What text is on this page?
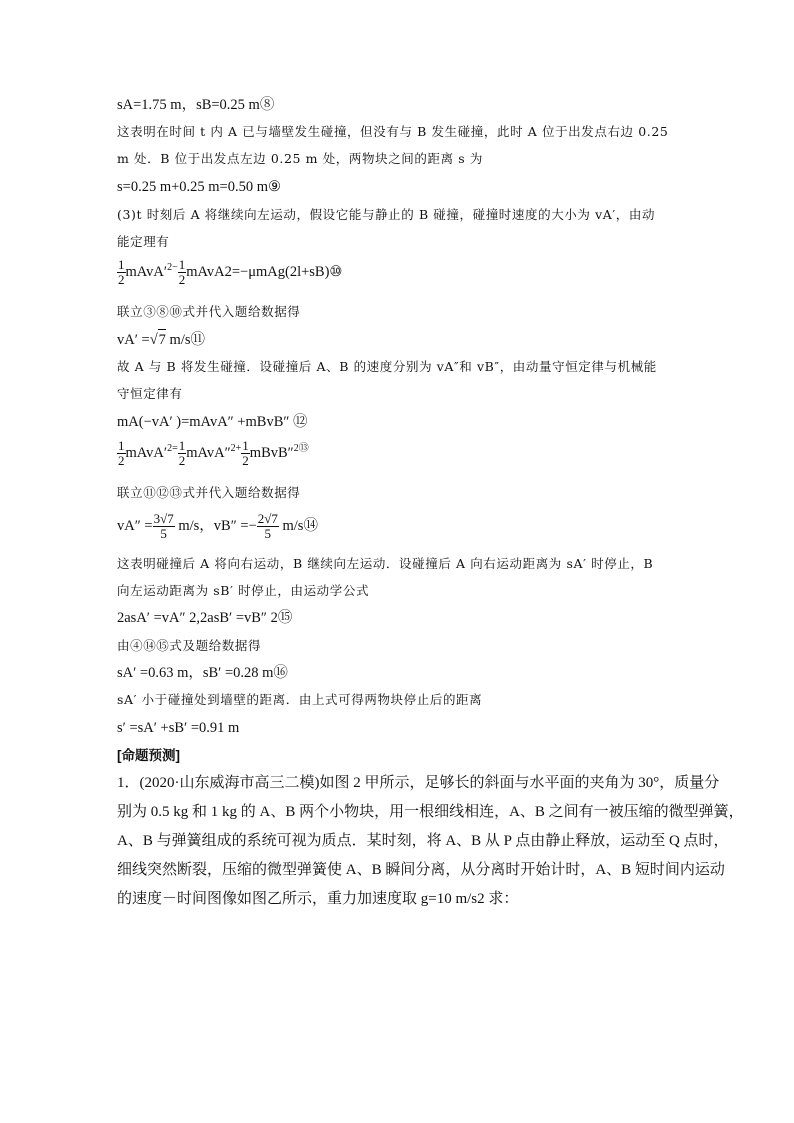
sA=1.75 m，sB=0.25 m⑧
这表明在时间 t 内 A 已与墙壁发生碰撞，但没有与 B 发生碰撞，此时 A 位于出发点右边 0.25
m 处．B 位于出发点左边 0.25 m 处，两物块之间的距离 s 为
s=0.25 m+0.25 m=0.50 m⑨
(3)t 时刻后 A 将继续向左运动，假设它能与静止的 B 碰撞，碰撞时速度的大小为 vA′，由动
能定理有
$\frac{1}{2}$ $mAvA'^{2-} \frac{1}{2}$ mAvA2=−μmAg(2l+sB)⑩
联立③⑧⑩式并代入题给数据得
vA′ =√7 m/s⑪
故 A 与 B 将发生碰撞．设碰撞后 A、B 的速度分别为 vA″和 vB″，由动量守恒定律与机械能
守恒定律有
mA(−vA′ )=mAvA″ +mBvB″ ⑫
$\frac{1}{2}$ $mAvA'^{2=} \frac{1}{2}$ mAvA″$^{2+}$ $\frac{1}{2}$ mBvB″$^{2⑬}$
联立⑪⑫⑬式并代入题给数据得
$vA'' = \frac{3√7}{5} m/s$，$vB'' =- \frac{2√7}{5}$ m/s⑭
这表明碰撞后 A 将向右运动，B 继续向左运动．设碰撞后 A 向右运动距离为 sA′ 时停止，B
向左运动距离为 sB′ 时停止，由运动学公式
2asA′ =vA″ 2,2asB′ =vB″ 2⑮
由④⑭⑮式及题给数据得
sA′ =0.63 m，sB′ =0.28 m⑯
sA′ 小于碰撞处到墙壁的距离．由上式可得两物块停止后的距离
s′ =sA′ +sB′ =0.91 m
[命题预测]
1．(2020·山东威海市高三二模)如图 2 甲所示，足够长的斜面与水平面的夹角为 30°，质量分
别为 0.5 kg 和 1 kg 的 A、B 两个小物块，用一根细线相连，A、B 之间有一被压缩的微型弹簧，
A、B 与弹簧组成的系统可视为质点．某时刻，将 A、B 从 P 点由静止释放，运动至 Q 点时，
细线突然断裂，压缩的微型弹簧使 A、B 瞬间分离，从分离时开始计时，A、B 短时间内运动
的速度－时间图像如图乙所示，重力加速度取 g=10 m/s2 求：
